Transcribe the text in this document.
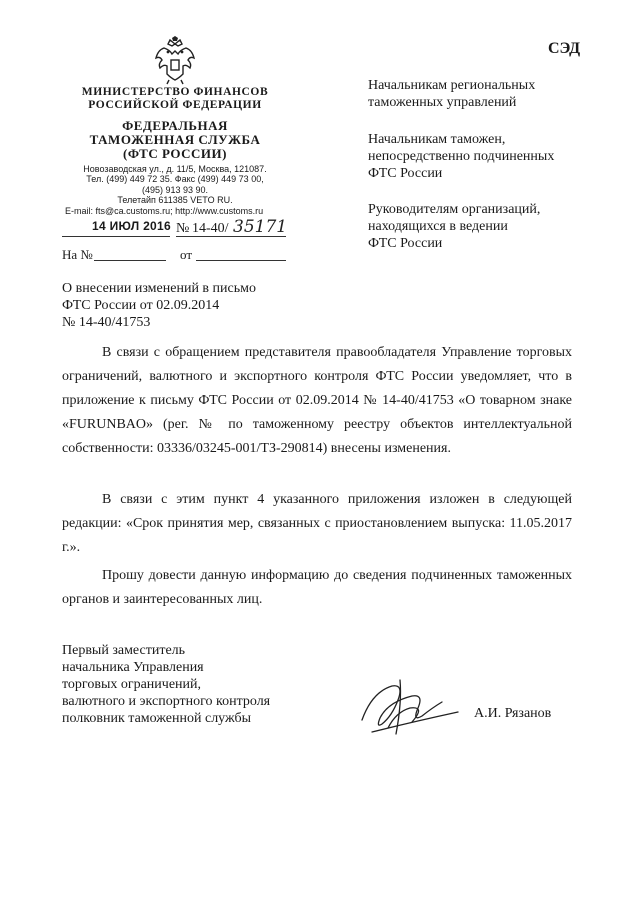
СЭД
МИНИСТЕРСТВО ФИНАНСОВ
РОССИЙСКОЙ ФЕДЕРАЦИИ
ФЕДЕРАЛЬНАЯ
ТАМОЖЕННАЯ СЛУЖБА
(ФТС РОССИИ)
Новозаводская ул., д. 11/5, Москва, 121087.
Тел. (499) 449 72 35. Факс (499) 449 73 00,
(495) 913 93 90.
Телетайп 611385 VETO RU.
E-mail: fts@ca.customs.ru; http://www.customs.ru
14 ИЮЛ 2016 № 14-40/ 35171
На №	от
Начальникам региональных
таможенных управлений
Начальникам таможен,
непосредственно подчиненных
ФТС России
Руководителям организаций,
находящихся в ведении
ФТС России
О внесении изменений в письмо
ФТС России от 02.09.2014
№ 14-40/41753
В связи с обращением представителя правообладателя Управление торговых ограничений, валютного и экспортного контроля ФТС России уведомляет, что в приложение к письму ФТС России от 02.09.2014 № 14-40/41753 «О товарном знаке «FURUNBAO» (рег. № по таможенному реестру объектов интеллектуальной собственности: 03336/03245-001/ТЗ-290814) внесены изменения.
В связи с этим пункт 4 указанного приложения изложен в следующей редакции: «Срок принятия мер, связанных с приостановлением выпуска: 11.05.2017 г.».
Прошу довести данную информацию до сведения подчиненных таможенных органов и заинтересованных лиц.
Первый заместитель
начальника Управления
торговых ограничений,
валютного и экспортного контроля
полковник таможенной службы	А.И. Рязанов
